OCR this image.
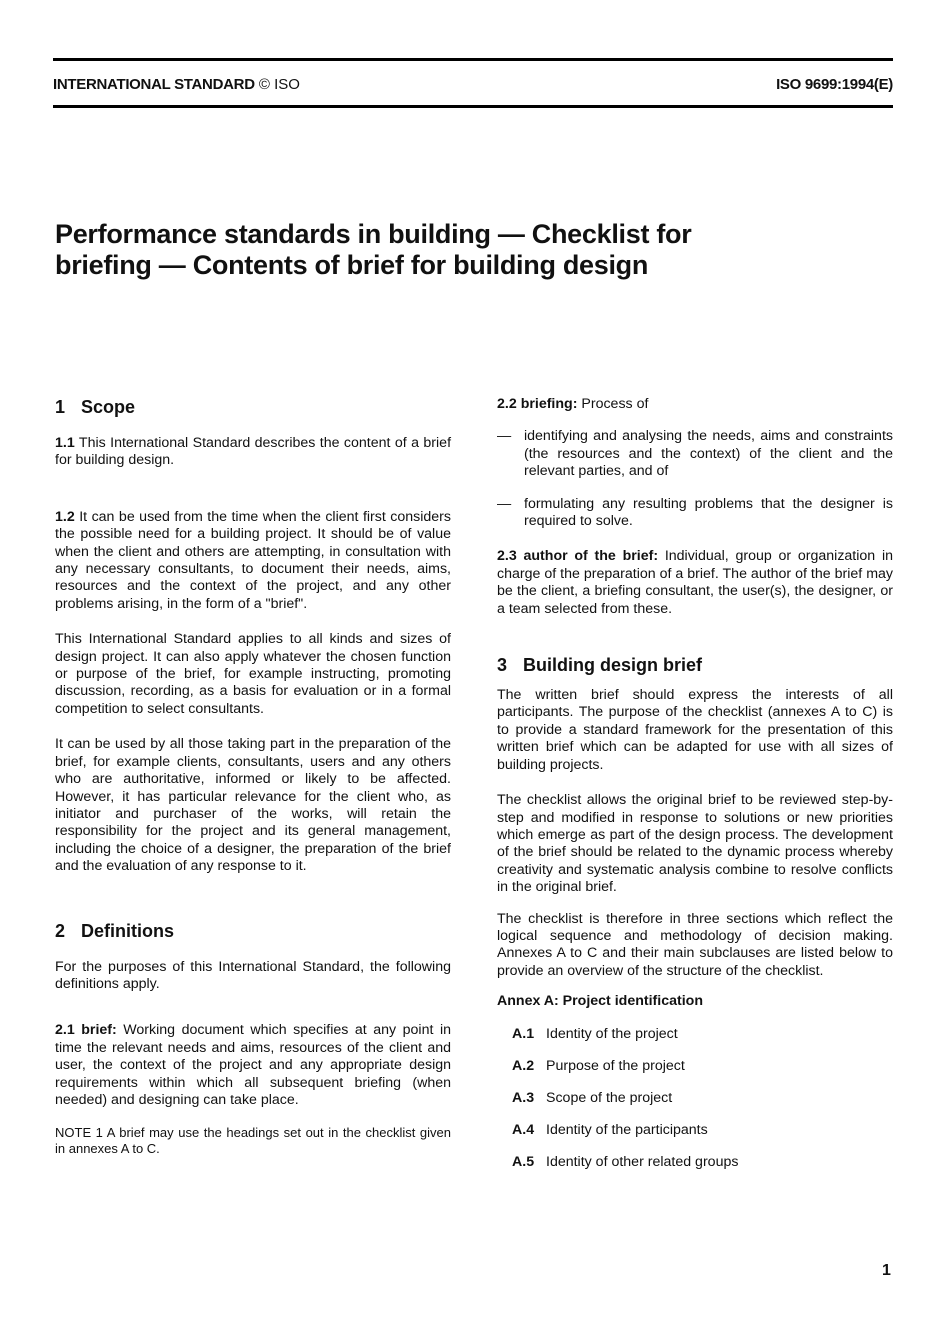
INTERNATIONAL STANDARD © ISO	ISO 9699:1994(E)
Performance standards in building — Checklist for
briefing — Contents of brief for building design
1 Scope

1.1 This International Standard describes the content of a brief for building design.

1.2 It can be used from the time when the client first considers the possible need for a building project. It should be of value when the client and others are attempting, in consultation with any necessary consultants, to document their needs, aims, resources and the context of the project, and any other problems arising, in the form of a "brief".

This International Standard applies to all kinds and sizes of design project. It can also apply whatever the chosen function or purpose of the brief, for example instructing, promoting discussion, recording, as a basis for evaluation or in a formal competition to select consultants.

It can be used by all those taking part in the preparation of the brief, for example clients, consultants, users and any others who are authoritative, informed or likely to be affected. However, it has particular relevance for the client who, as initiator and purchaser of the works, will retain the responsibility for the project and its general management, including the choice of a designer, the preparation of the brief and the evaluation of any response to it.

2 Definitions

For the purposes of this International Standard, the following definitions apply.

2.1 brief: Working document which specifies at any point in time the relevant needs and aims, resources of the client and user, the context of the project and any appropriate design requirements within which all subsequent briefing (when needed) and designing can take place.

NOTE 1 A brief may use the headings set out in the checklist given in annexes A to C.

2.2 briefing: Process of

— identifying and analysing the needs, aims and constraints (the resources and the context) of the client and the relevant parties, and of
— formulating any resulting problems that the designer is required to solve.

2.3 author of the brief: Individual, group or organization in charge of the preparation of a brief. The author of the brief may be the client, a briefing consultant, the user(s), the designer, or a team selected from these.

3 Building design brief

The written brief should express the interests of all participants. The purpose of the checklist (annexes A to C) is to provide a standard framework for the presentation of this written brief which can be adapted for use with all sizes of building projects.

The checklist allows the original brief to be reviewed step-by-step and modified in response to solutions or new priorities which emerge as part of the design process. The development of the brief should be related to the dynamic process whereby creativity and systematic analysis combine to resolve conflicts in the original brief.

The checklist is therefore in three sections which reflect the logical sequence and methodology of decision making. Annexes A to C and their main subclauses are listed below to provide an overview of the structure of the checklist.

Annex A: Project identification

A.1 Identity of the project
A.2 Purpose of the project
A.3 Scope of the project
A.4 Identity of the participants
A.5 Identity of other related groups
1
